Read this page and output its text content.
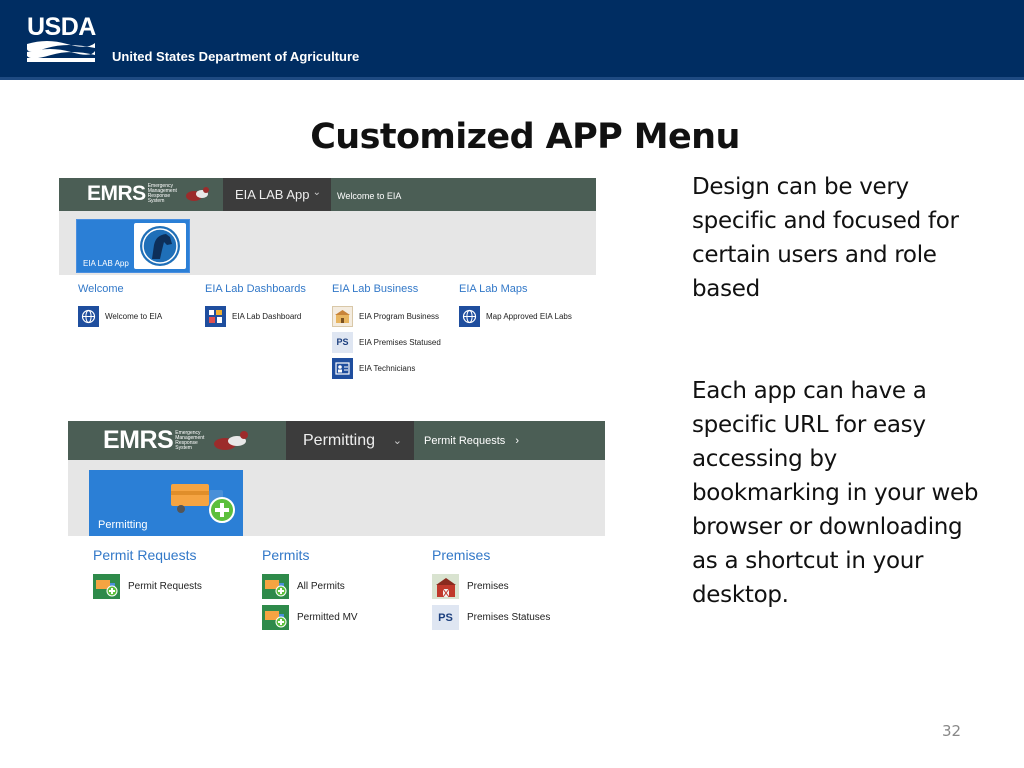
USDA
United States Department of Agriculture
Customized APP Menu
EMRS Emergency Management Response System	EIA LAB App ⌄	Welcome to EIA
EIA LAB App
Welcome
Welcome to EIA
EIA Lab Dashboards
EIA Lab Dashboard
EIA Lab Business
EIA Program Business
PS	EIA Premises Statused
EIA Technicians
EIA Lab Maps
Map Approved EIA Labs
EMRS Emergency Management Response System	Permitting ⌄	Permit Requests ›
Permitting
Permit Requests
Permit Requests
Permits
All Permits
Permitted MV
Premises
Premises
PS	Premises Statuses
Design can be very specific and focused for certain users and role based
Each app can have a specific URL for easy accessing by bookmarking in your web browser or downloading as a shortcut in your desktop.
32
